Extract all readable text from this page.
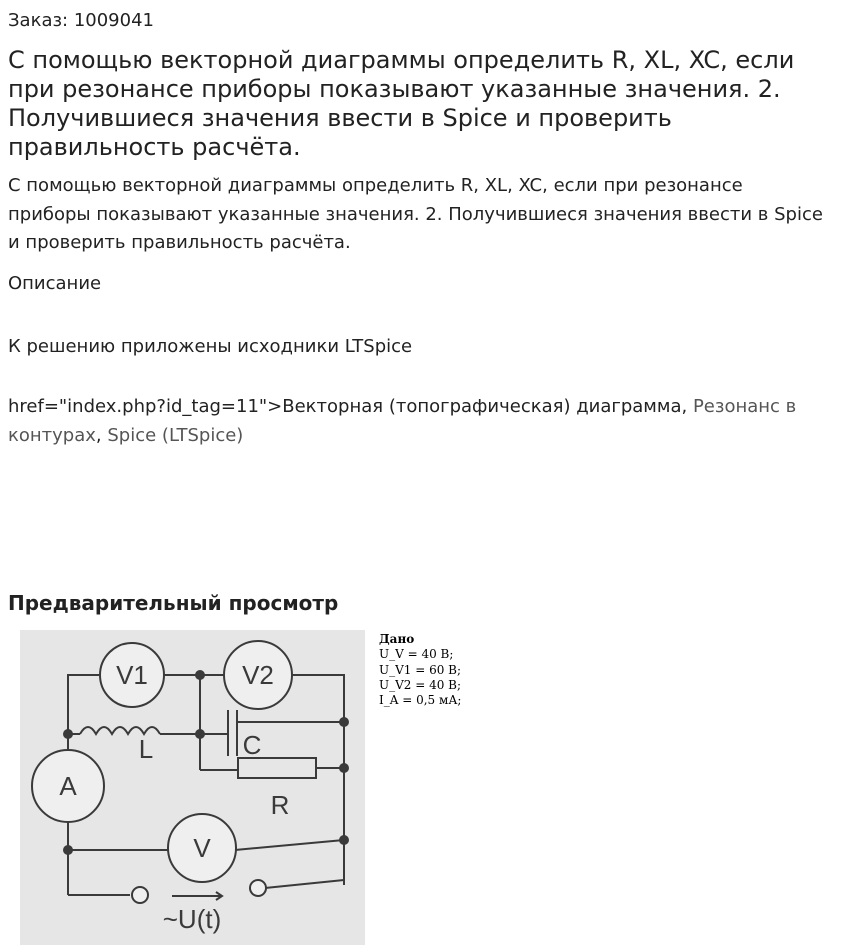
Заказ: 1009041
С помощью векторной диаграммы определить R, XL, XC, если при резонансе приборы показывают указанные значения. 2. Получившиеся значения ввести в Spice и проверить правильность расчёта.
С помощью векторной диаграммы определить R, XL, XC, если при резонансе приборы показывают указанные значения. 2. Получившиеся значения ввести в Spice и проверить правильность расчёта.
Описание
К решению приложены исходники LTSpice
href="index.php?id_tag=11">Векторная (топографическая) диаграмма, Резонанс в контурах, Spice (LTSpice)
Предварительный просмотр
V1	V2
L	C
A
R
V
~U(t)
Дано
U_V = 40 В;
U_V1 = 60 В;
U_V2 = 40 В;
I_A = 0,5 мА;
